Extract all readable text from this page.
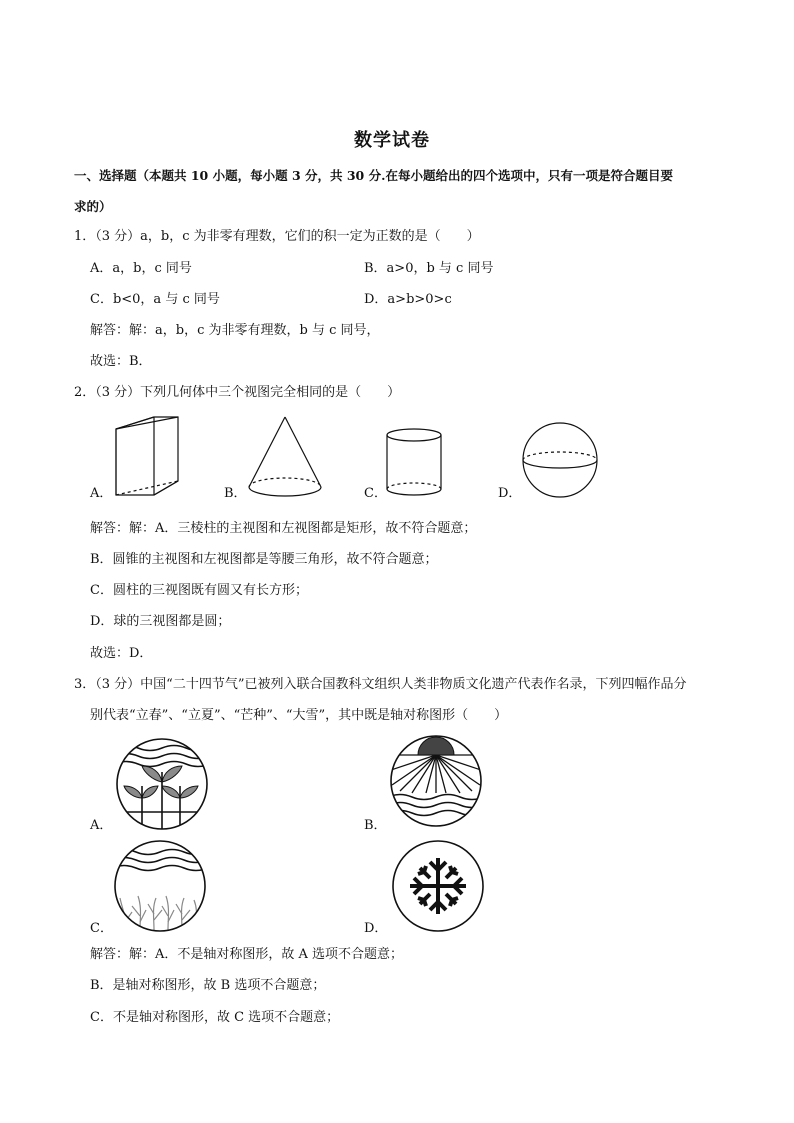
数学试卷
一、选择题（本题共 10 小题，每小题 3 分，共 30 分.在每小题给出的四个选项中，只有一项是符合题目要
求的）
1．（3 分）a，b，c 为非零有理数，它们的积一定为正数的是（　　）
A．a，b，c 同号	B．a>0，b 与 c 同号
C．b<0，a 与 c 同号	D．a>b>0>c
解答：解：a，b，c 为非零有理数，b 与 c 同号，
故选：B．
2．（3 分）下列几何体中三个视图完全相同的是（　　）
A．	B．	C．	D．
解答：解：A．三棱柱的主视图和左视图都是矩形，故不符合题意；
B．圆锥的主视图和左视图都是等腰三角形，故不符合题意；
C．圆柱的三视图既有圆又有长方形；
D．球的三视图都是圆；
故选：D．
3．（3 分）中国“二十四节气”已被列入联合国教科文组织人类非物质文化遗产代表作名录，下列四幅作品分
别代表“立春”、“立夏”、“芒种”、“大雪”，其中既是轴对称图形（　　）
A．	B．
C．	D．
解答：解：A．不是轴对称图形，故 A 选项不合题意；
B．是轴对称图形，故 B 选项不合题意；
C．不是轴对称图形，故 C 选项不合题意；
